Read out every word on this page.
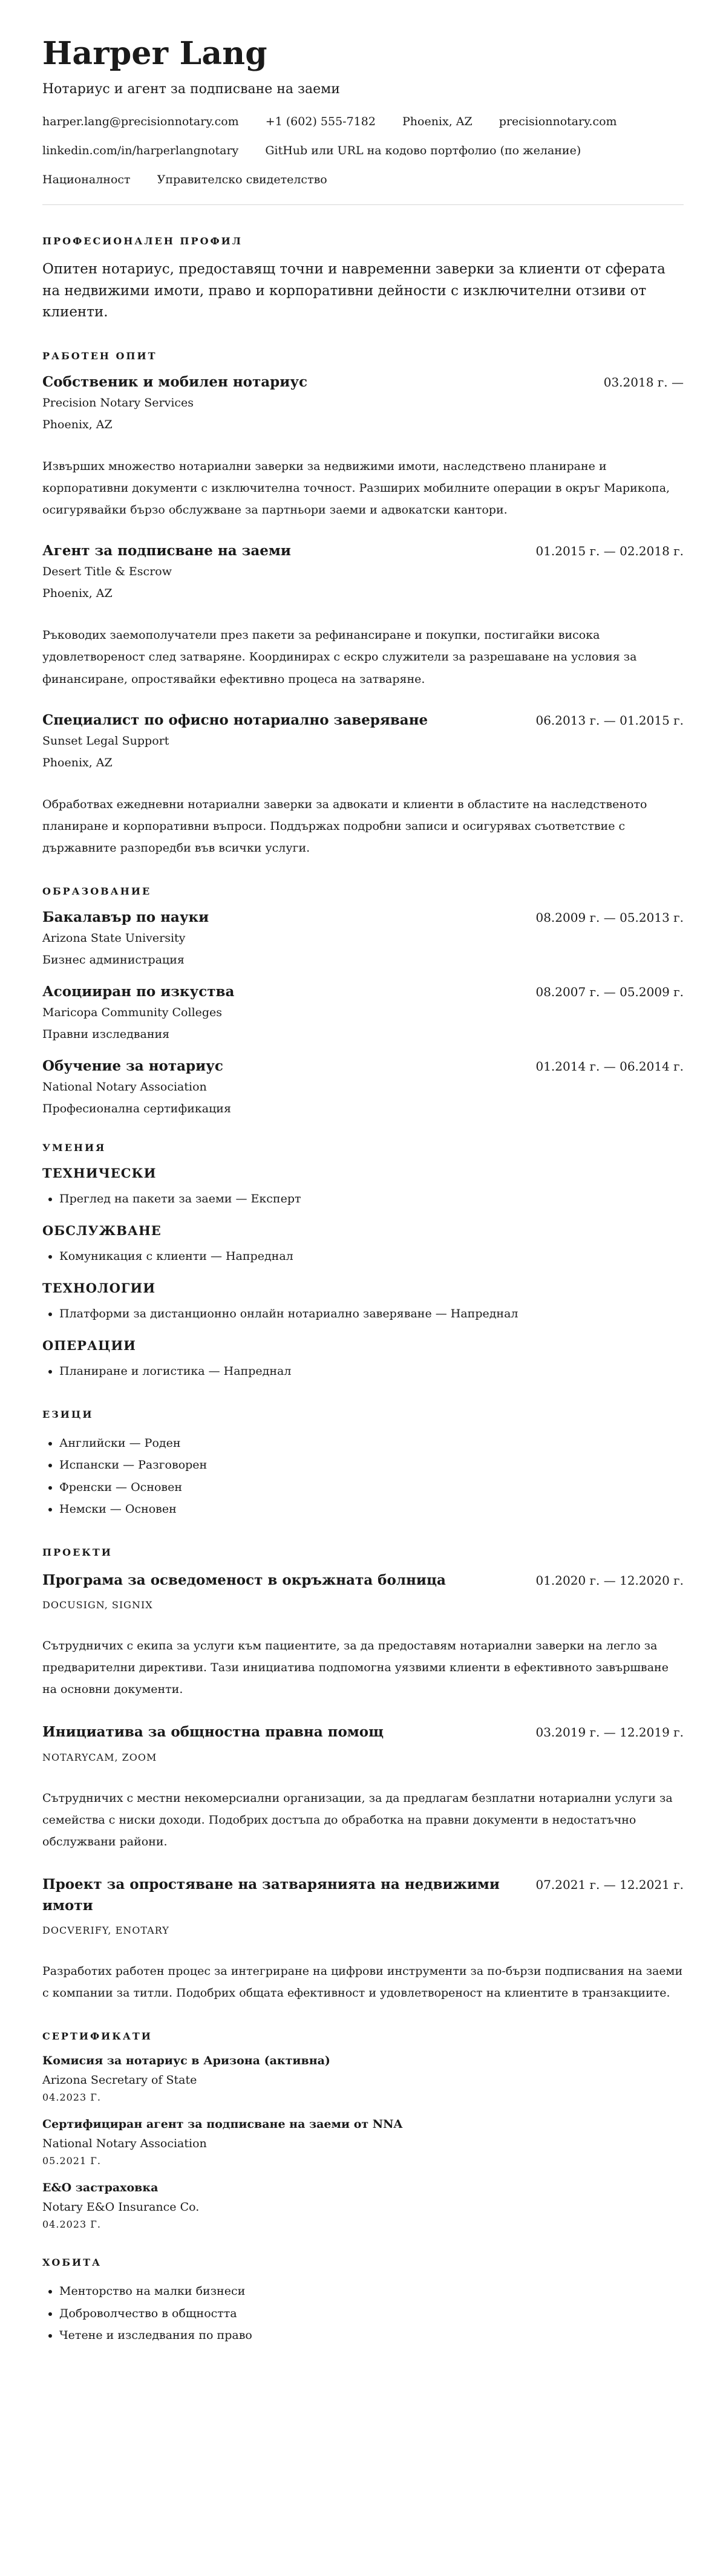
Harper Lang
Нотариус и агент за подписване на заеми
harper.lang@precisionnotary.com +1 (602) 555-7182 Phoenix, AZ precisionnotary.com
linkedin.com/in/harperlangnotary GitHub или URL на кодово портфолио (по желание)
Националност Управителско свидетелство
ПРОФЕСИОНАЛЕН ПРОФИЛ

Опитен нотариус, предоставящ точни и навременни заверки за клиенти от сферата на недвижими имоти, право и корпоративни дейности с изключителни отзиви от клиенти.

РАБОТЕН ОПИТ
Собственик и мобилен нотариус	03.2018 г. —
Precision Notary Services
Phoenix, AZ
Извърших множество нотариални заверки за недвижими имоти, наследствено планиране и корпоративни документи с изключителна точност. Разширих мобилните операции в окръг Марикопа, осигурявайки бързо обслужване за партньори заеми и адвокатски кантори.
Агент за подписване на заеми	01.2015 г. — 02.2018 г.
Desert Title & Escrow
Phoenix, AZ
Ръководих заемополучатели през пакети за рефинансиране и покупки, постигайки висока удовлетвореност след затваряне. Координирах с ескро служители за разрешаване на условия за финансиране, опростявайки ефективно процеса на затваряне.
Специалист по офисно нотариално заверяване	06.2013 г. — 01.2015 г.
Sunset Legal Support
Phoenix, AZ
Обработвах ежедневни нотариални заверки за адвокати и клиенти в областите на наследственото планиране и корпоративни въпроси. Поддържах подробни записи и осигурявах съответствие с държавните разпоредби във всички услуги.
ОБРАЗОВАНИЕ
Бакалавър по науки	08.2009 г. — 05.2013 г.
Arizona State University
Бизнес администрация
Асоцииран по изкуства	08.2007 г. — 05.2009 г.
Maricopa Community Colleges
Правни изследвания
Обучение за нотариус	01.2014 г. — 06.2014 г.
National Notary Association
Професионална сертификация
УМЕНИЯ
ТЕХНИЧЕСКИ
• Преглед на пакети за заеми — Експерт
ОБСЛУЖВАНЕ
• Комуникация с клиенти — Напреднал
ТЕХНОЛОГИИ
• Платформи за дистанционно онлайн нотариално заверяване — Напреднал
ОПЕРАЦИИ
• Планиране и логистика — Напреднал
ЕЗИЦИ
• Английски — Роден
• Испански — Разговорен
• Френски — Основен
• Немски — Основен
ПРОЕКТИ
Програма за осведоменост в окръжната болница	01.2020 г. — 12.2020 г.
DOCUSIGN, SIGNIX
Сътрудничих с екипа за услуги към пациентите, за да предоставям нотариални заверки на легло за предварителни директиви. Тази инициатива подпомогна уязвими клиенти в ефективното завършване на основни документи.
Инициатива за общностна правна помощ	03.2019 г. — 12.2019 г.
NOTARYCAM, ZOOM
Сътрудничих с местни некомерсиални организации, за да предлагам безплатни нотариални услуги за семейства с ниски доходи. Подобрих достъпа до обработка на правни документи в недостатъчно обслужвани райони.
Проект за опростяване на затварянията на недвижими имоти
07.2021 г. — 12.2021 г.
DOCVERIFY, ENOTARY
Разработих работен процес за интегриране на цифрови инструменти за по-бързи подписвания на заеми с компании за титли. Подобрих общата ефективност и удовлетвореност на клиентите в транзакциите.
СЕРТИФИКАТИ
Комисия за нотариус в Аризона (активна)
Arizona Secretary of State
04.2023 Г.
Сертифициран агент за подписване на заеми от NNA
National Notary Association
05.2021 Г.
E&O застраховка
Notary E&O Insurance Co.
04.2023 Г.
ХОБИТА
• Менторство на малки бизнеси
• Доброволчество в общността
• Четене и изследвания по право
